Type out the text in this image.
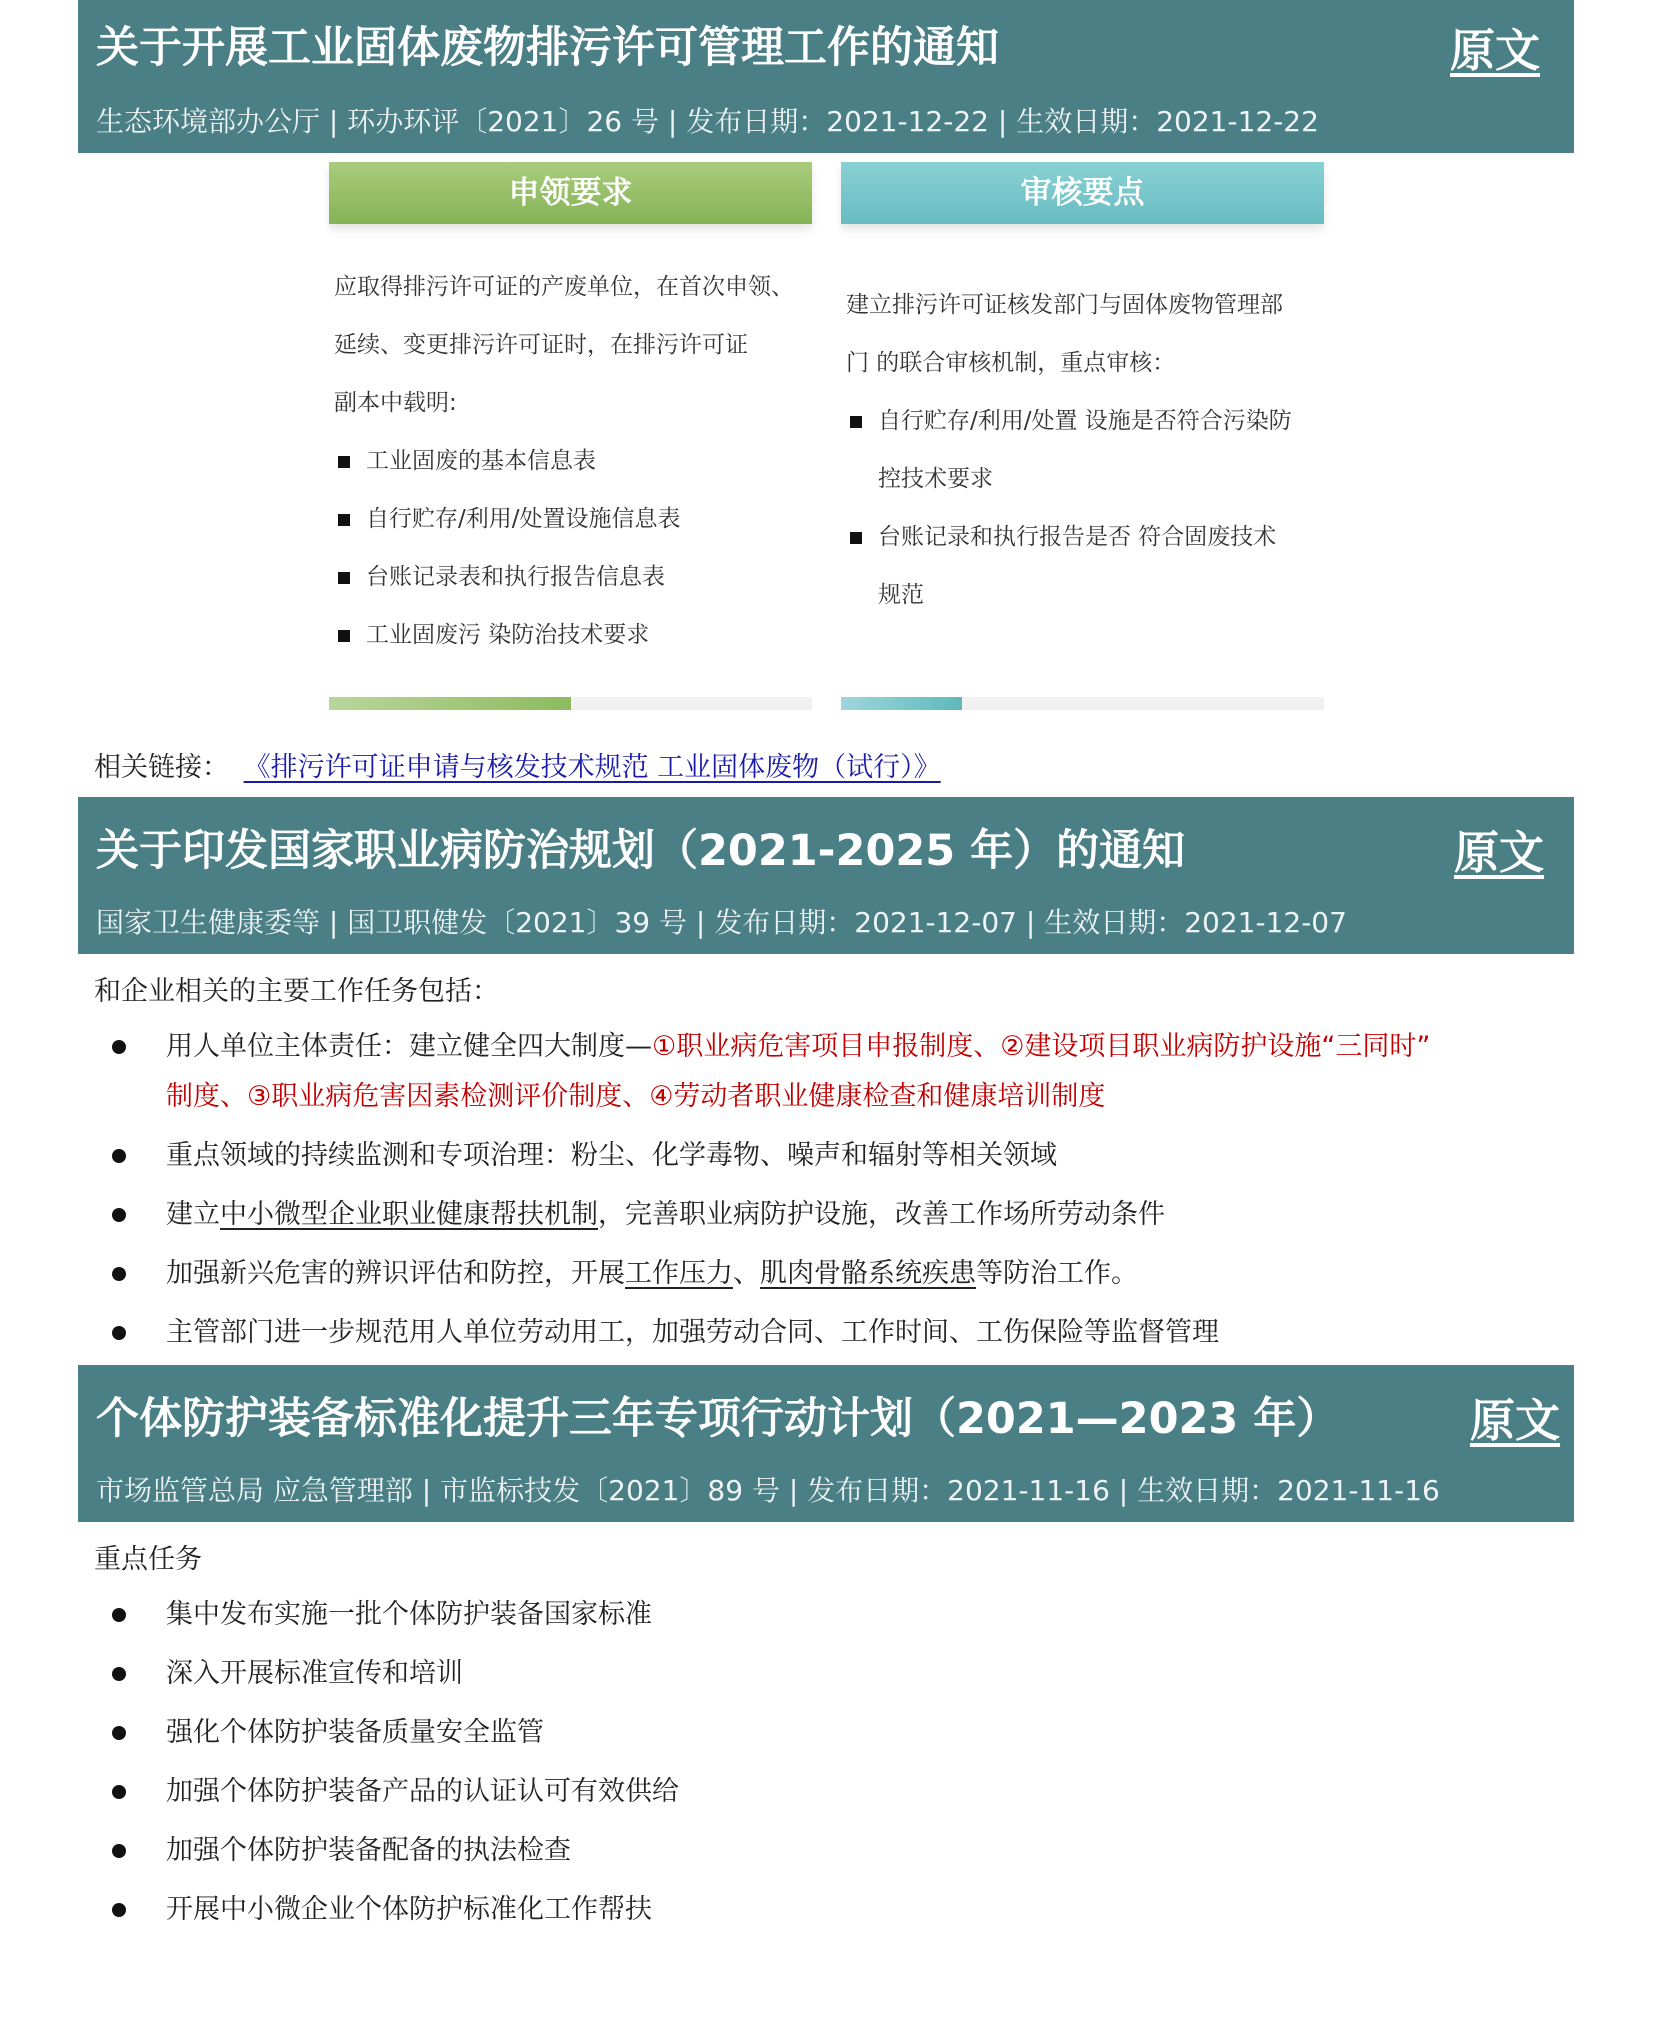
关于开展工业固体废物排污许可管理工作的通知	原文
生态环境部办公厅 | 环办环评〔2021〕26 号 | 发布日期：2021-12-22 | 生效日期：2021-12-22
申领要求

应取得排污许可证的产废单位，在首次申领、

延续、变更排污许可证时，在排污许可证

副本中载明:

工业固废的基本信息表
自行贮存/利用/处置设施信息表
台账记录表和执行报告信息表
工业固废污 染防治技术要求
审核要点

建立排污许可证核发部门与固体废物管理部

门 的联合审核机制，重点审核：

自行贮存/利用/处置 设施是否符合污染防
控技术要求
台账记录和执行报告是否 符合固废技术
规范
相关链接： 《排污许可证申请与核发技术规范 工业固体废物（试行）》
关于印发国家职业病防治规划（2021-2025 年）的通知	原文
国家卫生健康委等 | 国卫职健发〔2021〕39 号 | 发布日期：2021-12-07 | 生效日期：2021-12-07
和企业相关的主要工作任务包括：
用人单位主体责任：建立健全四大制度—①职业病危害项目申报制度、②建设项目职业病防护设施“三同时”
制度、③职业病危害因素检测评价制度、④劳动者职业健康检查和健康培训制度
重点领域的持续监测和专项治理：粉尘、化学毒物、噪声和辐射等相关领域
建立中小微型企业职业健康帮扶机制，完善职业病防护设施，改善工作场所劳动条件
加强新兴危害的辨识评估和防控，开展工作压力、肌肉骨骼系统疾患等防治工作。
主管部门进一步规范用人单位劳动用工，加强劳动合同、工作时间、工伤保险等监督管理
个体防护装备标准化提升三年专项行动计划（2021—2023 年）	原文
市场监管总局 应急管理部 | 市监标技发〔2021〕89 号 | 发布日期：2021-11-16 | 生效日期：2021-11-16
重点任务
集中发布实施一批个体防护装备国家标准
深入开展标准宣传和培训
强化个体防护装备质量安全监管
加强个体防护装备产品的认证认可有效供给
加强个体防护装备配备的执法检查
开展中小微企业个体防护标准化工作帮扶
